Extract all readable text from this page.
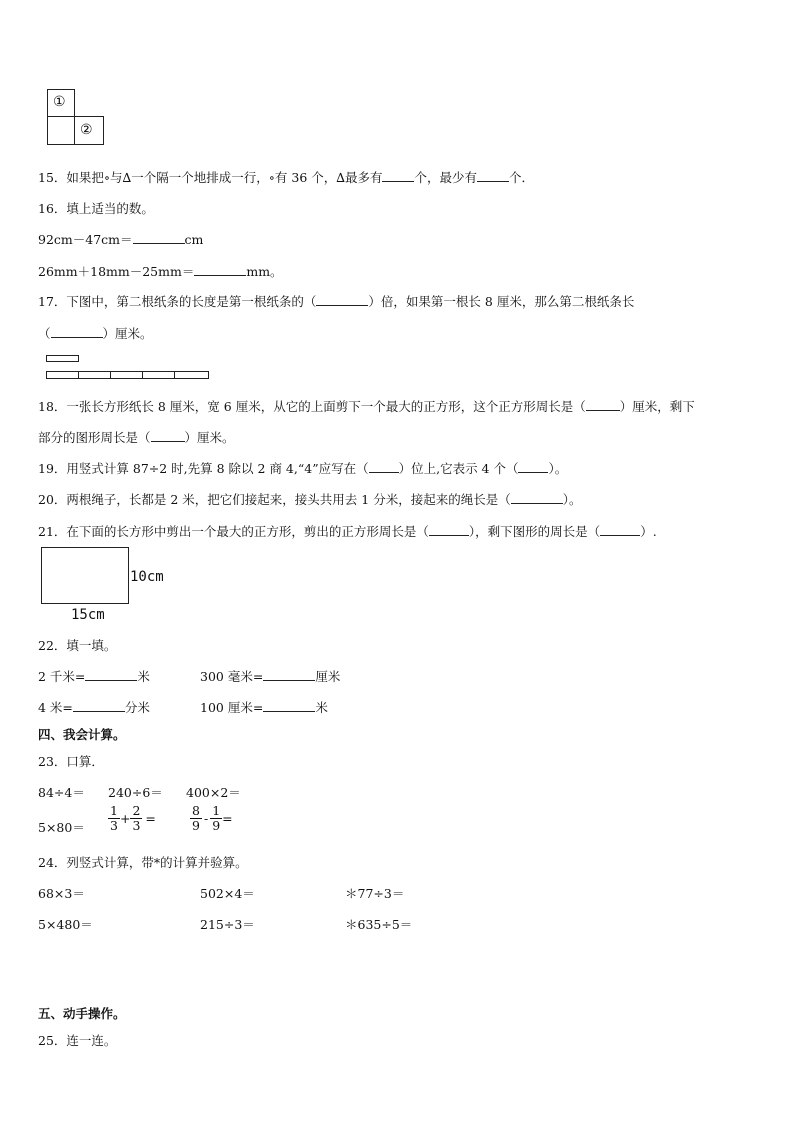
①
②
15．如果把∘与∆一个隔一个地排成一行，∘有 36 个，∆最多有	个，最少有	个．
16．填上适当的数。
92cm－47cm＝	cm
26mm＋18mm－25mm＝	mm。
17．下图中，第二根纸条的长度是第一根纸条的（	）倍，如果第一根长 8 厘米，那么第二根纸条长
（	）厘米。
18．一张长方形纸长 8 厘米，宽 6 厘米，从它的上面剪下一个最大的正方形，这个正方形周长是（	）厘米，剩下
部分的图形周长是（	）厘米。
19．用竖式计算 87÷2 时,先算 8 除以 2 商 4,“4”应写在（ ）位上,它表示 4 个（ ）。
20．两根绳子，长都是 2 米，把它们接起来，接头共用去 1 分米，接起来的绳长是（	）。
21．在下面的长方形中剪出一个最大的正方形，剪出的正方形周长是（	），剩下图形的周长是（	）.
10cm
15cm
22．填一填。
2 千米=	米	300 毫米=	厘米
4 米=	分米	100 厘米=	米
四、我会计算。
23．口算．
84÷4＝ 240÷6＝ 400×2＝
$5\times 80= \frac{1}{3} + \frac{2}{3}$ =	$\frac{8}{9} - \frac{1}{9}$ =
24．列竖式计算，带*的计算并验算。
68×3＝	502×4＝	＊77÷3＝
5×480＝	215÷3＝	＊635÷5＝
五、动手操作。
25．连一连。
